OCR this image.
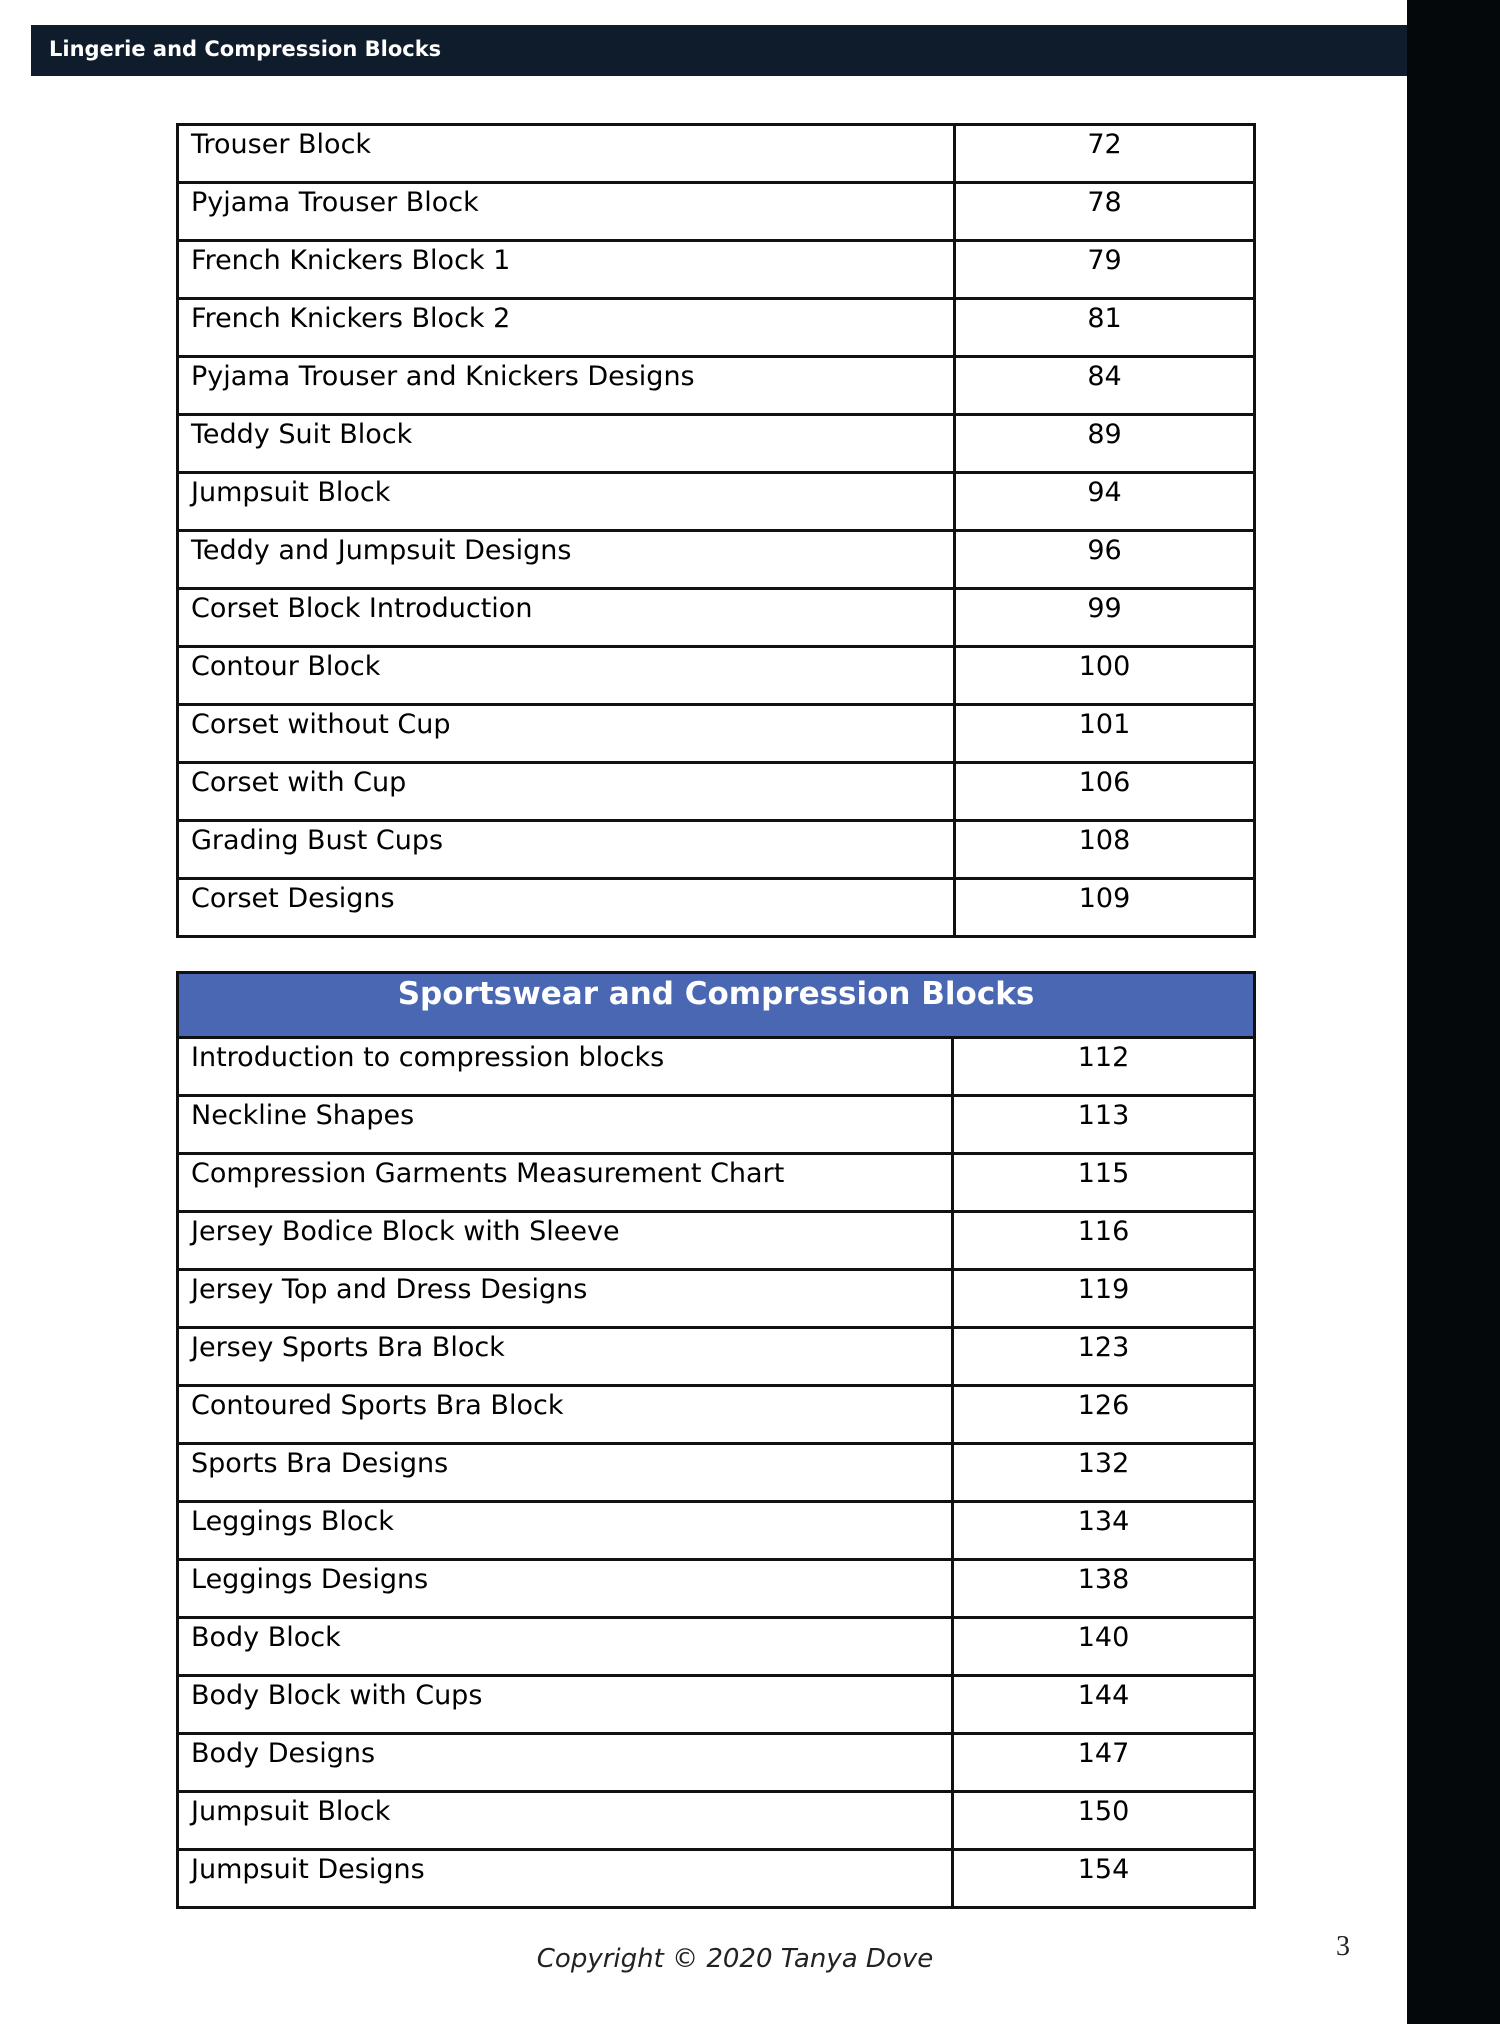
Lingerie and Compression Blocks
Trouser Block	72
Pyjama Trouser Block	78
French Knickers Block 1	79
French Knickers Block 2	81
Pyjama Trouser and Knickers Designs	84
Teddy Suit Block	89
Jumpsuit Block	94
Teddy and Jumpsuit Designs	96
Corset Block Introduction	99
Contour Block	100
Corset without Cup	101
Corset with Cup	106
Grading Bust Cups	108
Corset Designs	109
Sportswear and Compression Blocks	
Introduction to compression blocks	112
Neckline Shapes	113
Compression Garments Measurement Chart	115
Jersey Bodice Block with Sleeve	116
Jersey Top and Dress Designs	119
Jersey Sports Bra Block	123
Contoured Sports Bra Block	126
Sports Bra Designs	132
Leggings Block	134
Leggings Designs	138
Body Block	140
Body Block with Cups	144
Body Designs	147
Jumpsuit Block	150
Jumpsuit Designs	154
Copyright © 2020 Tanya Dove	3
